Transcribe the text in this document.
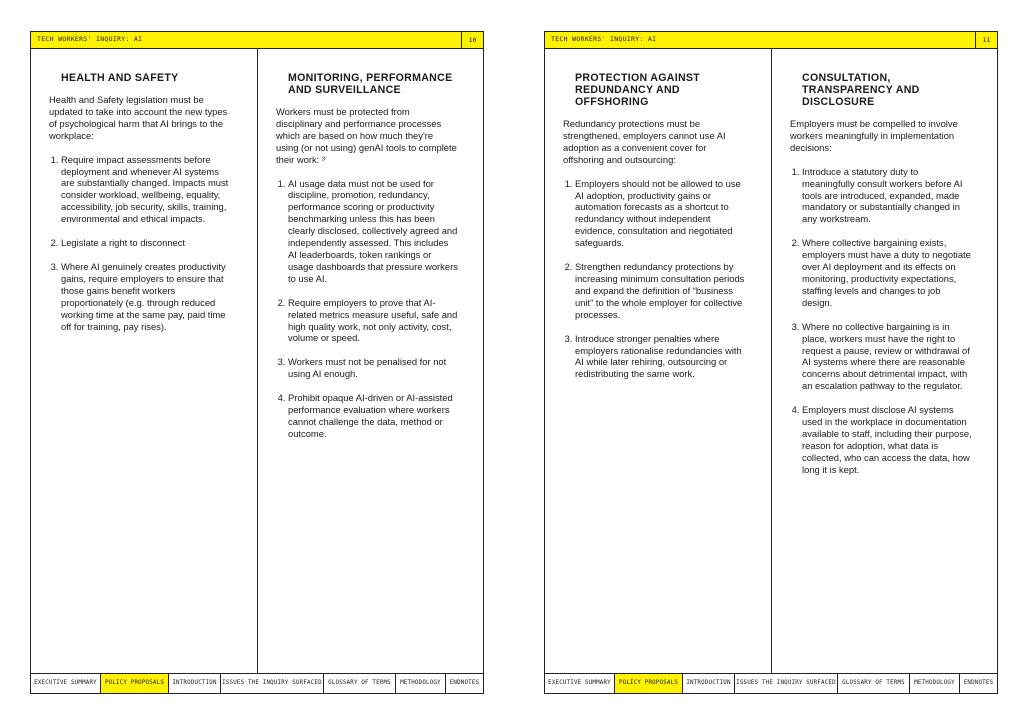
TECH WORKERS' INQUIRY: AI	10
HEALTH AND SAFETY

Health and Safety legislation must be updated to take into account the new types of psychological harm that AI brings to the workplace:

1. Require impact assessments before deployment and whenever AI systems are substantially changed. Impacts must consider workload, wellbeing, equality, accessibility, job security, skills, training, environmental and ethical impacts.
2. Legislate a right to disconnect
3. Where AI genuinely creates productivity gains, require employers to ensure that those gains benefit workers proportionately (e.g. through reduced working time at the same pay, paid time off for training, pay rises).
MONITORING, PERFORMANCE AND SURVEILLANCE

Workers must be protected from disciplinary and performance processes which are based on how much they're using (or not using) genAI tools to complete their work: ³

1. AI usage data must not be used for discipline, promotion, redundancy, performance scoring or productivity benchmarking unless this has been clearly disclosed, collectively agreed and independently assessed. This includes AI leaderboards, token rankings or usage dashboards that pressure workers to use AI.
2. Require employers to prove that AI-related metrics measure useful, safe and high quality work, not only activity, cost, volume or speed.
3. Workers must not be penalised for not using AI enough.
4. Prohibit opaque AI-driven or AI-assisted performance evaluation where workers cannot challenge the data, method or outcome.
EXECUTIVE SUMMARY	POLICY PROPOSALS	INTRODUCTION ISSUES THE INQUIRY SURFACED	GLOSSARY OF TERMS	METHODOLOGY	ENDNOTES
TECH WORKERS' INQUIRY: AI	11
PROTECTION AGAINST REDUNDANCY AND OFFSHORING

Redundancy protections must be strengthened, employers cannot use AI adoption as a convenient cover for offshoring and outsourcing:

1. Employers should not be allowed to use AI adoption, productivity gains or automation forecasts as a shortcut to redundancy without independent evidence, consultation and negotiated safeguards.
2. Strengthen redundancy protections by increasing minimum consultation periods and expand the definition of “business unit” to the whole employer for collective processes.
3. Introduce stronger penalties where employers rationalise redundancies with AI while later rehiring, outsourcing or redistributing the same work.
CONSULTATION, TRANSPARENCY AND DISCLOSURE

Employers must be compelled to involve workers meaningfully in implementation decisions:

1. Introduce a statutory duty to meaningfully consult workers before AI tools are introduced, expanded, made mandatory or substantially changed in any workstream.
2. Where collective bargaining exists, employers must have a duty to negotiate over AI deployment and its effects on monitoring, productivity expectations, staffing levels and changes to job design.
3. Where no collective bargaining is in place, workers must have the right to request a pause, review or withdrawal of AI systems where there are reasonable concerns about detrimental impact, with an escalation pathway to the regulator.
4. Employers must disclose AI systems used in the workplace in documentation available to staff, including their purpose, reason for adoption, what data is collected, who can access the data, how long it is kept.
EXECUTIVE SUMMARY	POLICY PROPOSALS	INTRODUCTION ISSUES THE INQUIRY SURFACED	GLOSSARY OF TERMS	METHODOLOGY	ENDNOTES
